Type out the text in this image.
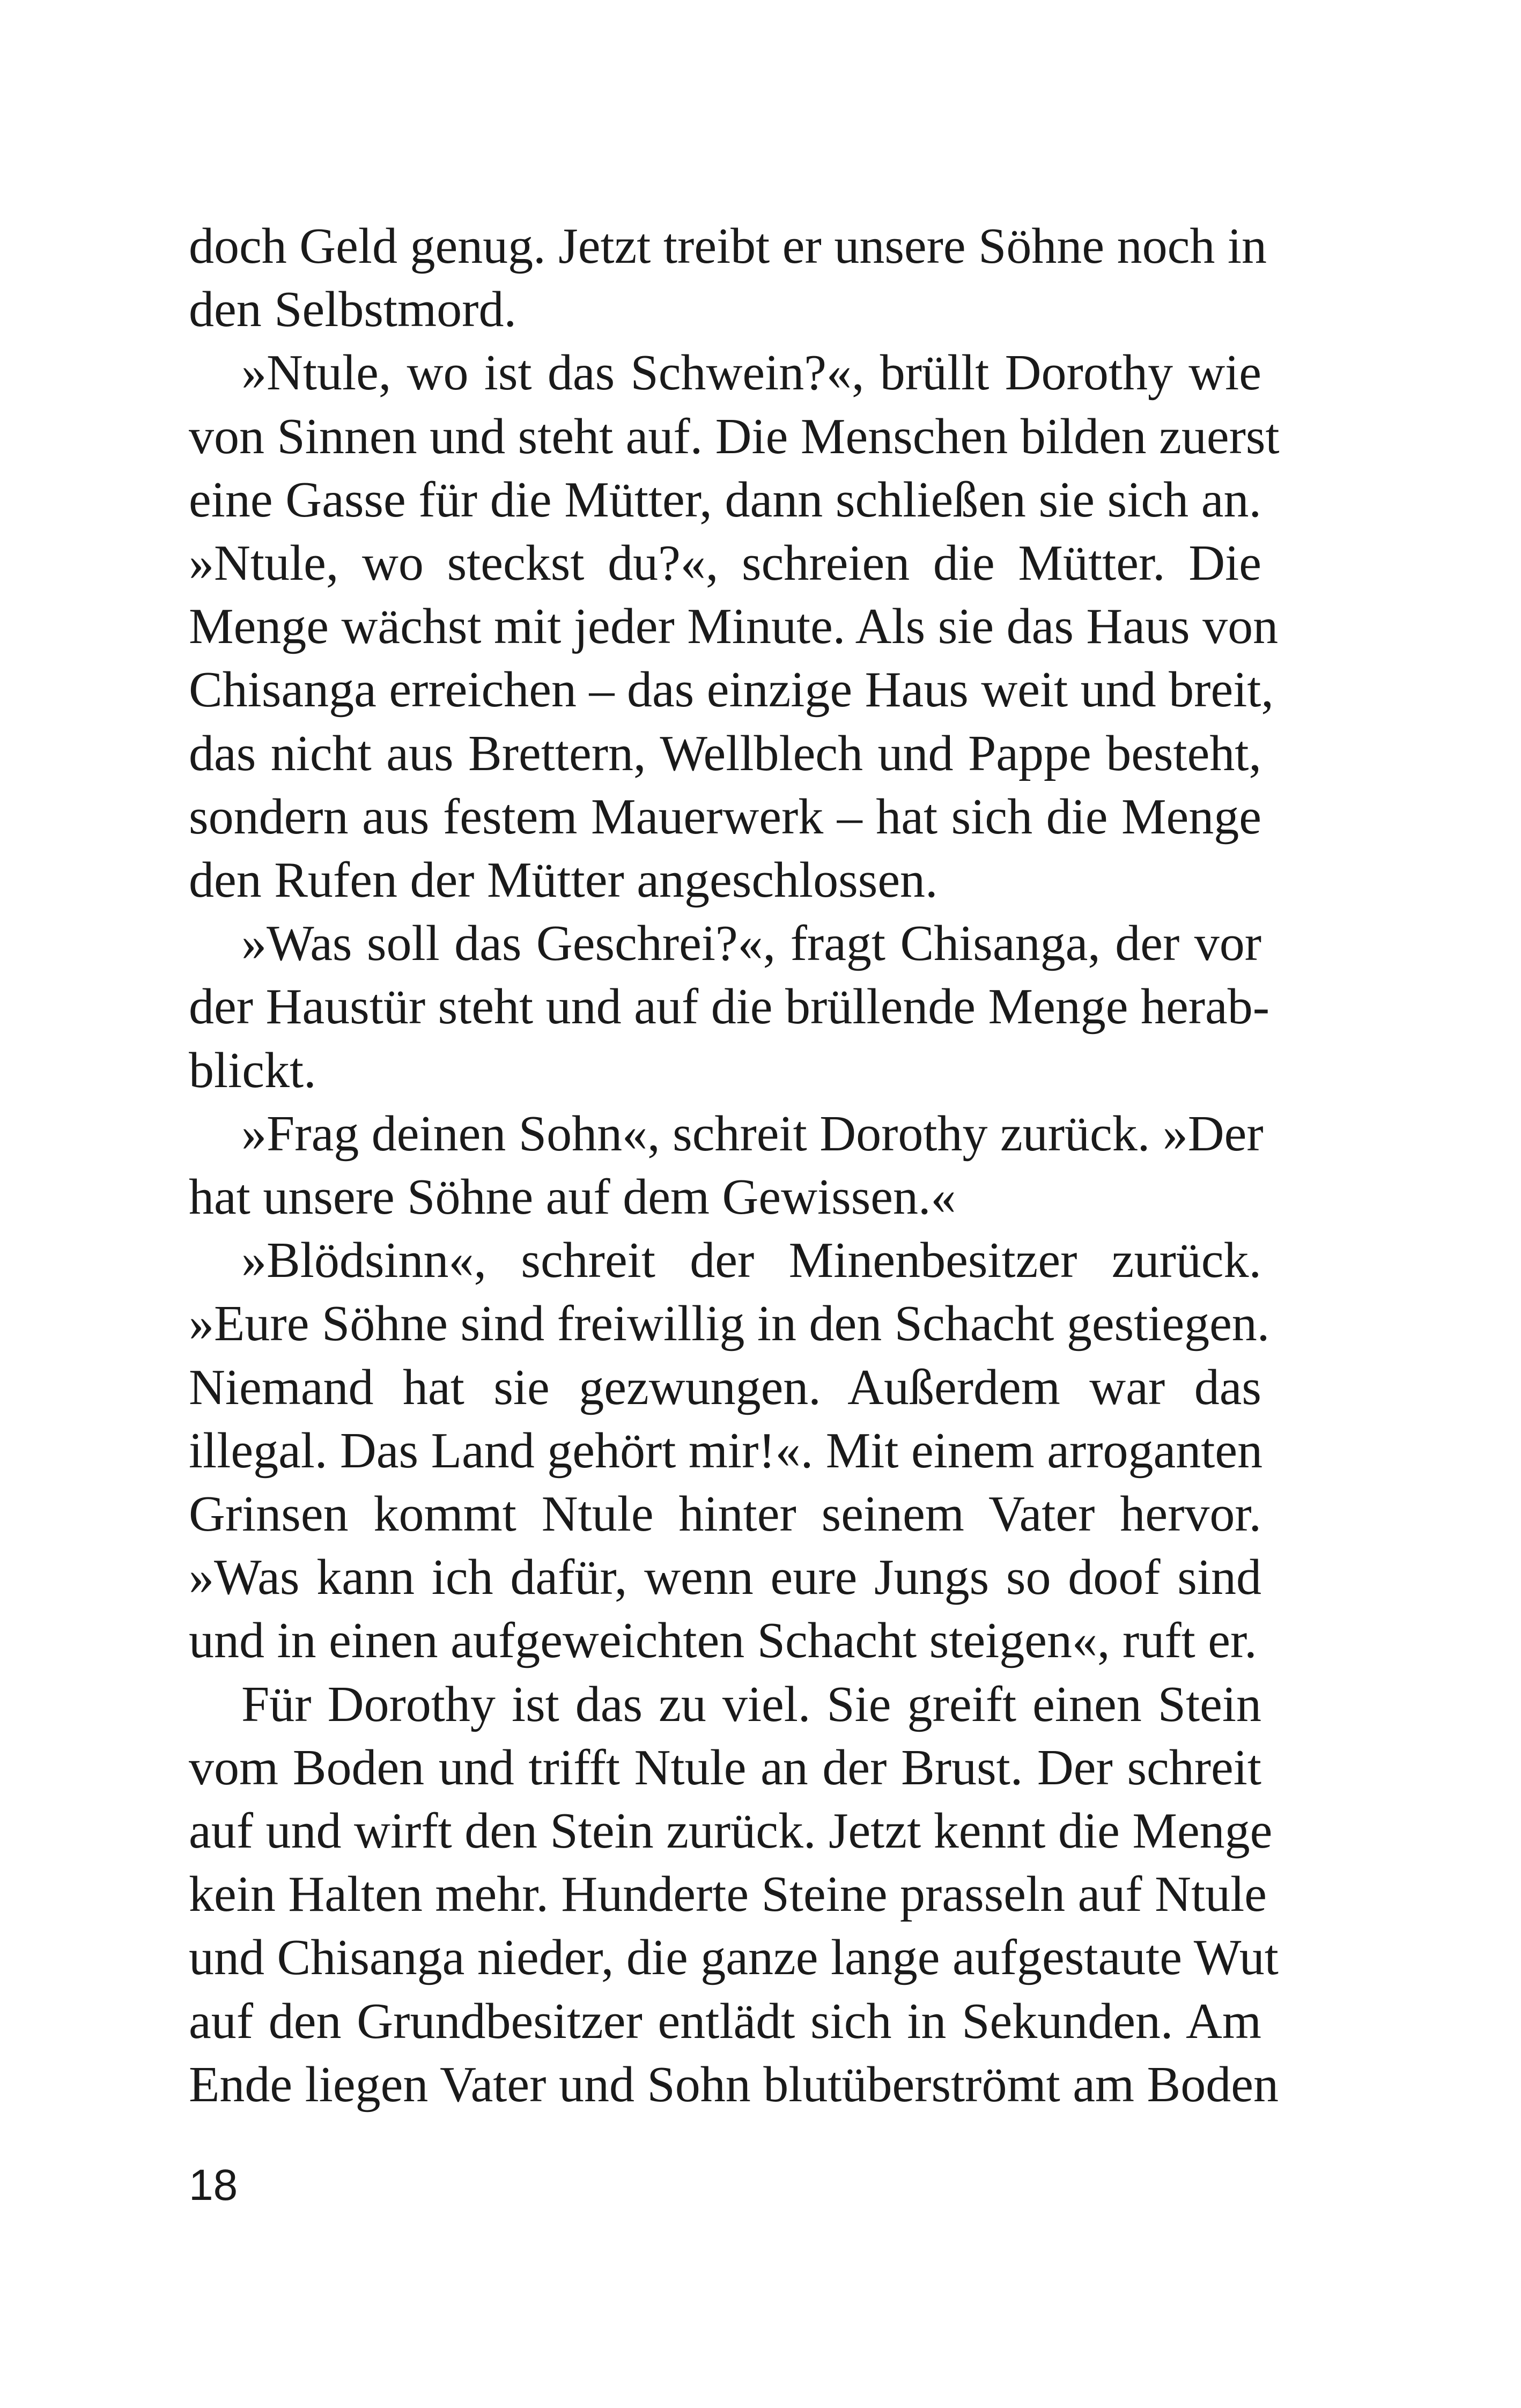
doch Geld genug. Jetzt treibt er unsere Söhne noch in
den Selbstmord.

»Ntule, wo ist das Schwein?«, brüllt Dorothy wie
von Sinnen und steht auf. Die Menschen bilden zuerst
eine Gasse für die Mütter, dann schließen sie sich an.
»Ntule, wo steckst du?«, schreien die Mütter. Die
Menge wächst mit jeder Minute. Als sie das Haus von
Chisanga erreichen – das einzige Haus weit und breit,
das nicht aus Brettern, Wellblech und Pappe besteht,
sondern aus festem Mauerwerk – hat sich die Menge
den Rufen der Mütter angeschlossen.

»Was soll das Geschrei?«, fragt Chisanga, der vor
der Haustür steht und auf die brüllende Menge herab-
blickt.

»Frag deinen Sohn«, schreit Dorothy zurück. »Der
hat unsere Söhne auf dem Gewissen.«

»Blödsinn«, schreit der Minenbesitzer zurück.
»Eure Söhne sind freiwillig in den Schacht gestiegen.
Niemand hat sie gezwungen. Außerdem war das
illegal. Das Land gehört mir!«. Mit einem arroganten
Grinsen kommt Ntule hinter seinem Vater hervor.
»Was kann ich dafür, wenn eure Jungs so doof sind
und in einen aufgeweichten Schacht steigen«, ruft er.

Für Dorothy ist das zu viel. Sie greift einen Stein
vom Boden und trifft Ntule an der Brust. Der schreit
auf und wirft den Stein zurück. Jetzt kennt die Menge
kein Halten mehr. Hunderte Steine prasseln auf Ntule
und Chisanga nieder, die ganze lange aufgestaute Wut
auf den Grundbesitzer entlädt sich in Sekunden. Am
Ende liegen Vater und Sohn blutüberströmt am Boden

18
